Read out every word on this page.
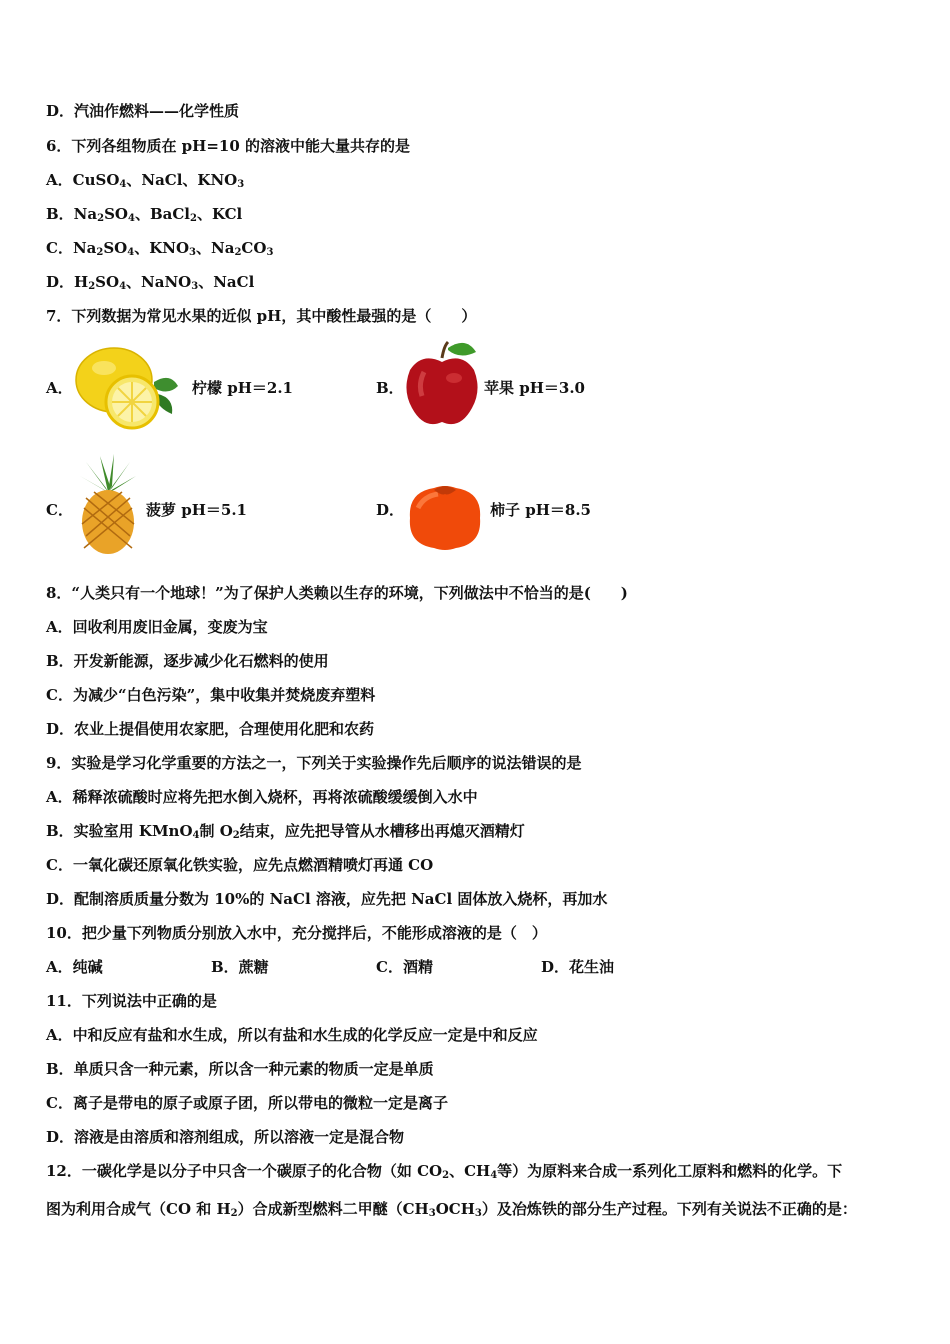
D．汽油作燃料——化学性质
6．下列各组物质在 pH=10 的溶液中能大量共存的是
A．CuSO$_4$、NaCl、$KNO_3$
B．$Na_2SO_4$、BaCl$_2$、KCl
C．$Na_2SO_4$、$KNO_3$、$Na_2CO_3$
D．$H_2SO_4$、NaNO$_3$、NaCl
7．下列数据为常见水果的近似 pH，其中酸性最强的是（　　）
A．	柠檬 pH＝2.1	B．	苹果 pH＝3.0
C．	菠萝 pH＝5.1	D．	柿子 pH＝8.5
8．“人类只有一个地球！”为了保护人类赖以生存的环境，下列做法中不恰当的是(　　)
A．回收利用废旧金属，变废为宝
B．开发新能源，逐步减少化石燃料的使用
C．为减少“白色污染”，集中收集并焚烧废弃塑料
D．农业上提倡使用农家肥，合理使用化肥和农药
9．实验是学习化学重要的方法之一，下列关于实验操作先后顺序的说法错误的是
A．稀释浓硫酸时应将先把水倒入烧杯，再将浓硫酸缓缓倒入水中
B．实验室用 KMnO$_4$制 $O_2$结束，应先把导管从水槽移出再熄灭酒精灯
C．一氧化碳还原氧化铁实验，应先点燃酒精喷灯再通 CO
D．配制溶质质量分数为 10%的 NaCl 溶液，应先把 NaCl 固体放入烧杯，再加水
10．把少量下列物质分别放入水中，充分搅拌后，不能形成溶液的是（　）
A．纯碱	B．蔗糖	C．酒精	D．花生油
11．下列说法中正确的是
A．中和反应有盐和水生成，所以有盐和水生成的化学反应一定是中和反应
B．单质只含一种元素，所以含一种元素的物质一定是单质
C．离子是带电的原子或原子团，所以带电的微粒一定是离子
D．溶液是由溶质和溶剂组成，所以溶液一定是混合物
12．一碳化学是以分子中只含一个碳原子的化合物（如 $CO_2$、$CH_4$等）为原料来合成一系列化工原料和燃料的化学。下
图为利用合成气（CO 和 $H_2$）合成新型燃料二甲醚$(CH_3OCH_3)$及冶炼铁的部分生产过程。下列有关说法不正确的是：
